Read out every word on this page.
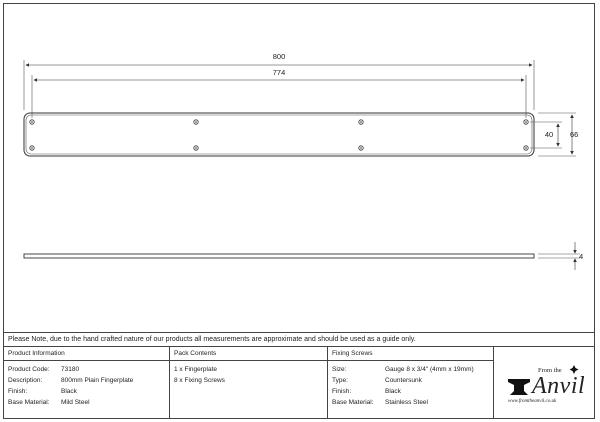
800
774
40 66
4
Please Note, due to the hand crafted nature of our products all measurements are approximate and should be used as a guide only.
Product Information
Product Code: 73180
Description:	800mm Plain Fingerplate
Finish:	Black
Base Material: Mild Steel
Pack Contents
1 x Fingerplate
8 x Fixing Screws
Fixing Screws
Size:	Gauge 8 x 3/4" (4mm x 19mm)
Type:	Countersunk
Finish:	Black
Base Material: Stainless Steel
From the
Anvil
www.fromtheanvil.co.uk
